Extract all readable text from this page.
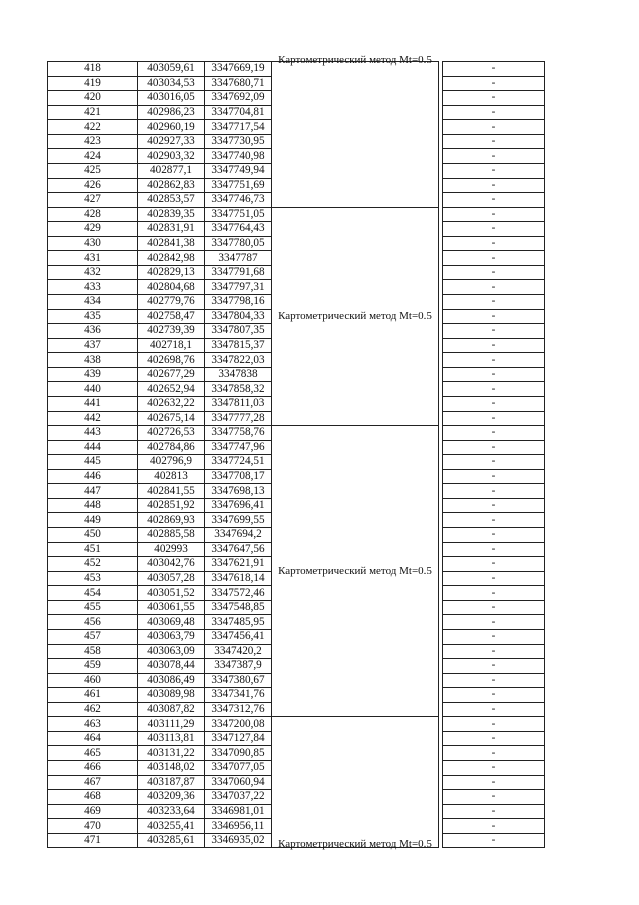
418	403059,61	3347669,19	Картометрический метод Mt=0.5		-
419	403034,53	3347680,71			-
420	403016,05	3347692,09			-
421	402986,23	3347704,81			-
422	402960,19	3347717,54			-
423	402927,33	3347730,95			-
424	402903,32	3347740,98			-
425	402877,1	3347749,94			-
426	402862,83	3347751,69			-
427	402853,57	3347746,73			-
428	402839,35	3347751,05	Картометрический метод Mt=0.5		-
429	402831,91	3347764,43			-
430	402841,38	3347780,05			-
431	402842,98	3347787			-
432	402829,13	3347791,68			-
433	402804,68	3347797,31			-
434	402779,76	3347798,16			-
435	402758,47	3347804,33			-
436	402739,39	3347807,35			-
437	402718,1	3347815,37			-
438	402698,76	3347822,03			-
439	402677,29	3347838			-
440	402652,94	3347858,32			-
441	402632,22	3347811,03			-
442	402675,14	3347777,28			-
443	402726,53	3347758,76	Картометрический метод Mt=0.5		-
444	402784,86	3347747,96			-
445	402796,9	3347724,51			-
446	402813	3347708,17			-
447	402841,55	3347698,13			-
448	402851,92	3347696,41			-
449	402869,93	3347699,55			-
450	402885,58	3347694,2			-
451	402993	3347647,56			-
452	403042,76	3347621,91			-
453	403057,28	3347618,14			-
454	403051,52	3347572,46			-
455	403061,55	3347548,85			-
456	403069,48	3347485,95			-
457	403063,79	3347456,41			-
458	403063,09	3347420,2			-
459	403078,44	3347387,9			-
460	403086,49	3347380,67			-
461	403089,98	3347341,76			-
462	403087,82	3347312,76			-
463	403111,29	3347200,08	Картометрический метод Mt=0.5		-
464	403113,81	3347127,84			-
465	403131,22	3347090,85			-
466	403148,02	3347077,05			-
467	403187,87	3347060,94			-
468	403209,36	3347037,22			-
469	403233,64	3346981,01			-
470	403255,41	3346956,11			-
471	403285,61	3346935,02			-
